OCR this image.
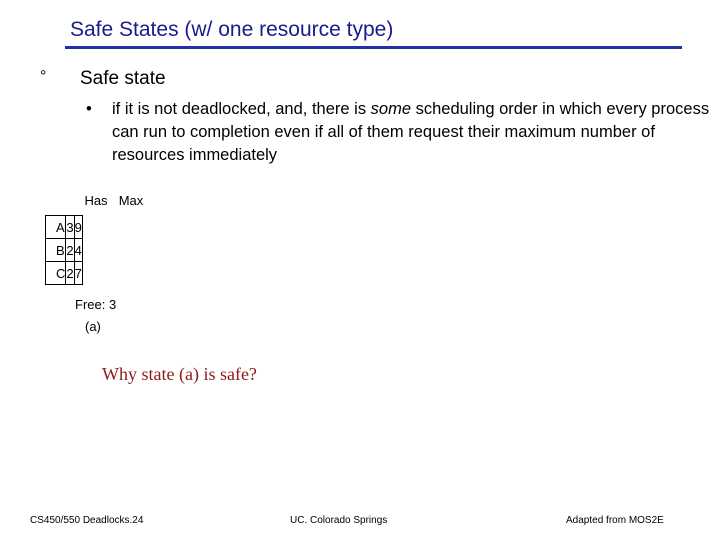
Safe States (w/ one resource type)
° Safe state
• if it is not deadlocked, and, there is some scheduling order in which every process can run to completion even if all of them request their maximum number of resources immediately
Has Max
A	3	9
B	2	4
C	2	7
Free: 3
(a)
Why state (a) is safe?
CS450/550 Deadlocks.24	UC. Colorado Springs	Adapted from MOS2E
